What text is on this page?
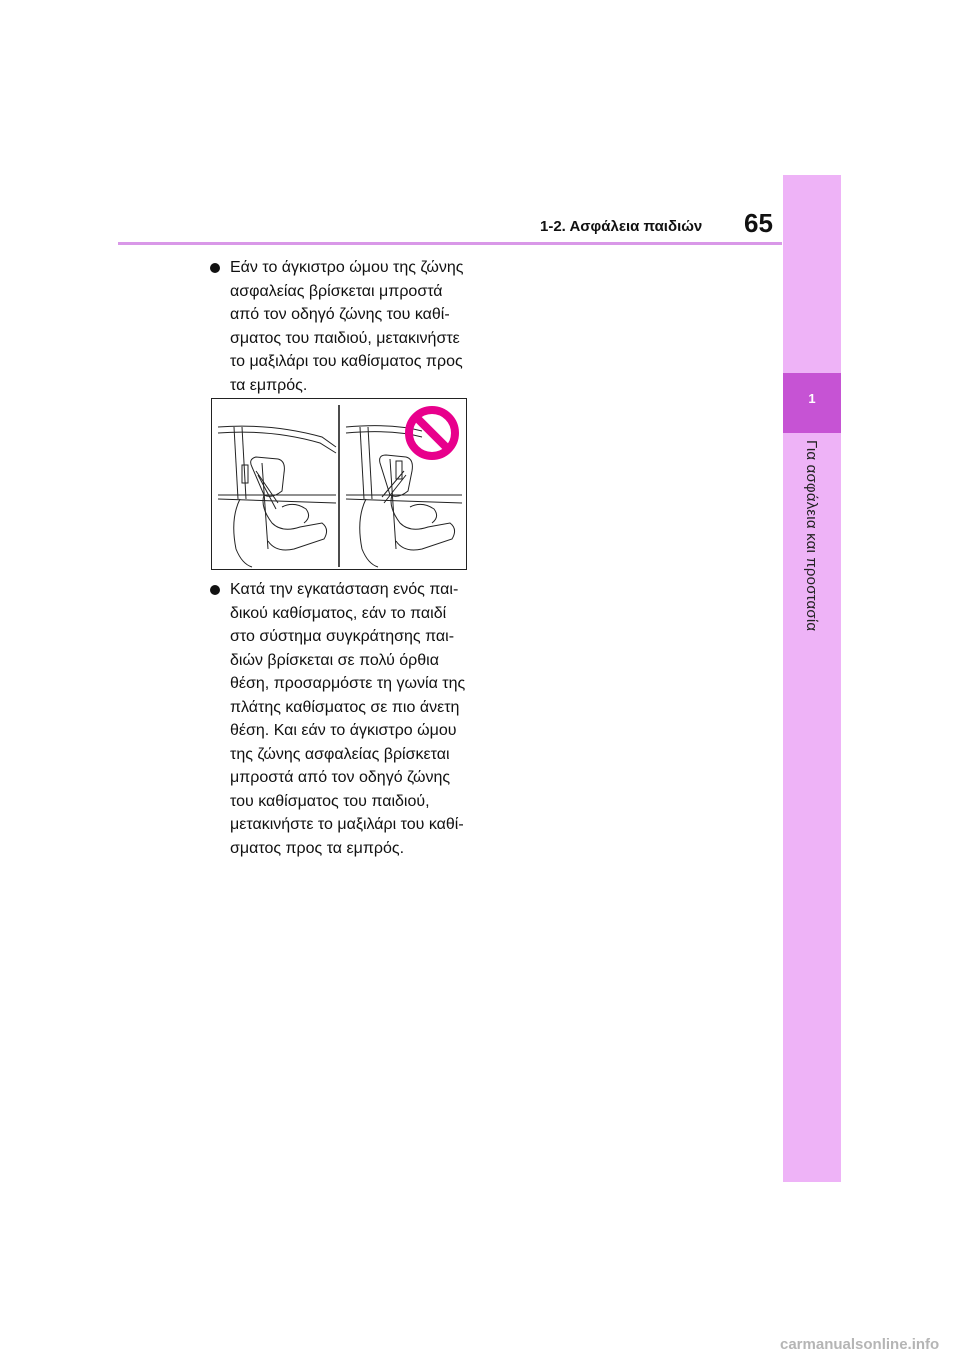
1
Για ασφάλεια και προστασία
1-2. Ασφάλεια παιδιών 65
Εάν το άγκιστρο ώμου της ζώνης
ασφαλείας βρίσκεται μπροστά
από τον οδηγό ζώνης του καθί-
σματος του παιδιού, μετακινήστε
το μαξιλάρι του καθίσματος προς
τα εμπρός.
Κατά την εγκατάσταση ενός παι-
δικού καθίσματος, εάν το παιδί
στο σύστημα συγκράτησης παι-
διών βρίσκεται σε πολύ όρθια
θέση, προσαρμόστε τη γωνία της
πλάτης καθίσματος σε πιο άνετη
θέση. Και εάν το άγκιστρο ώμου
της ζώνης ασφαλείας βρίσκεται
μπροστά από τον οδηγό ζώνης
του καθίσματος του παιδιού,
μετακινήστε το μαξιλάρι του καθί-
σματος προς τα εμπρός.
carmanualsonline.info
